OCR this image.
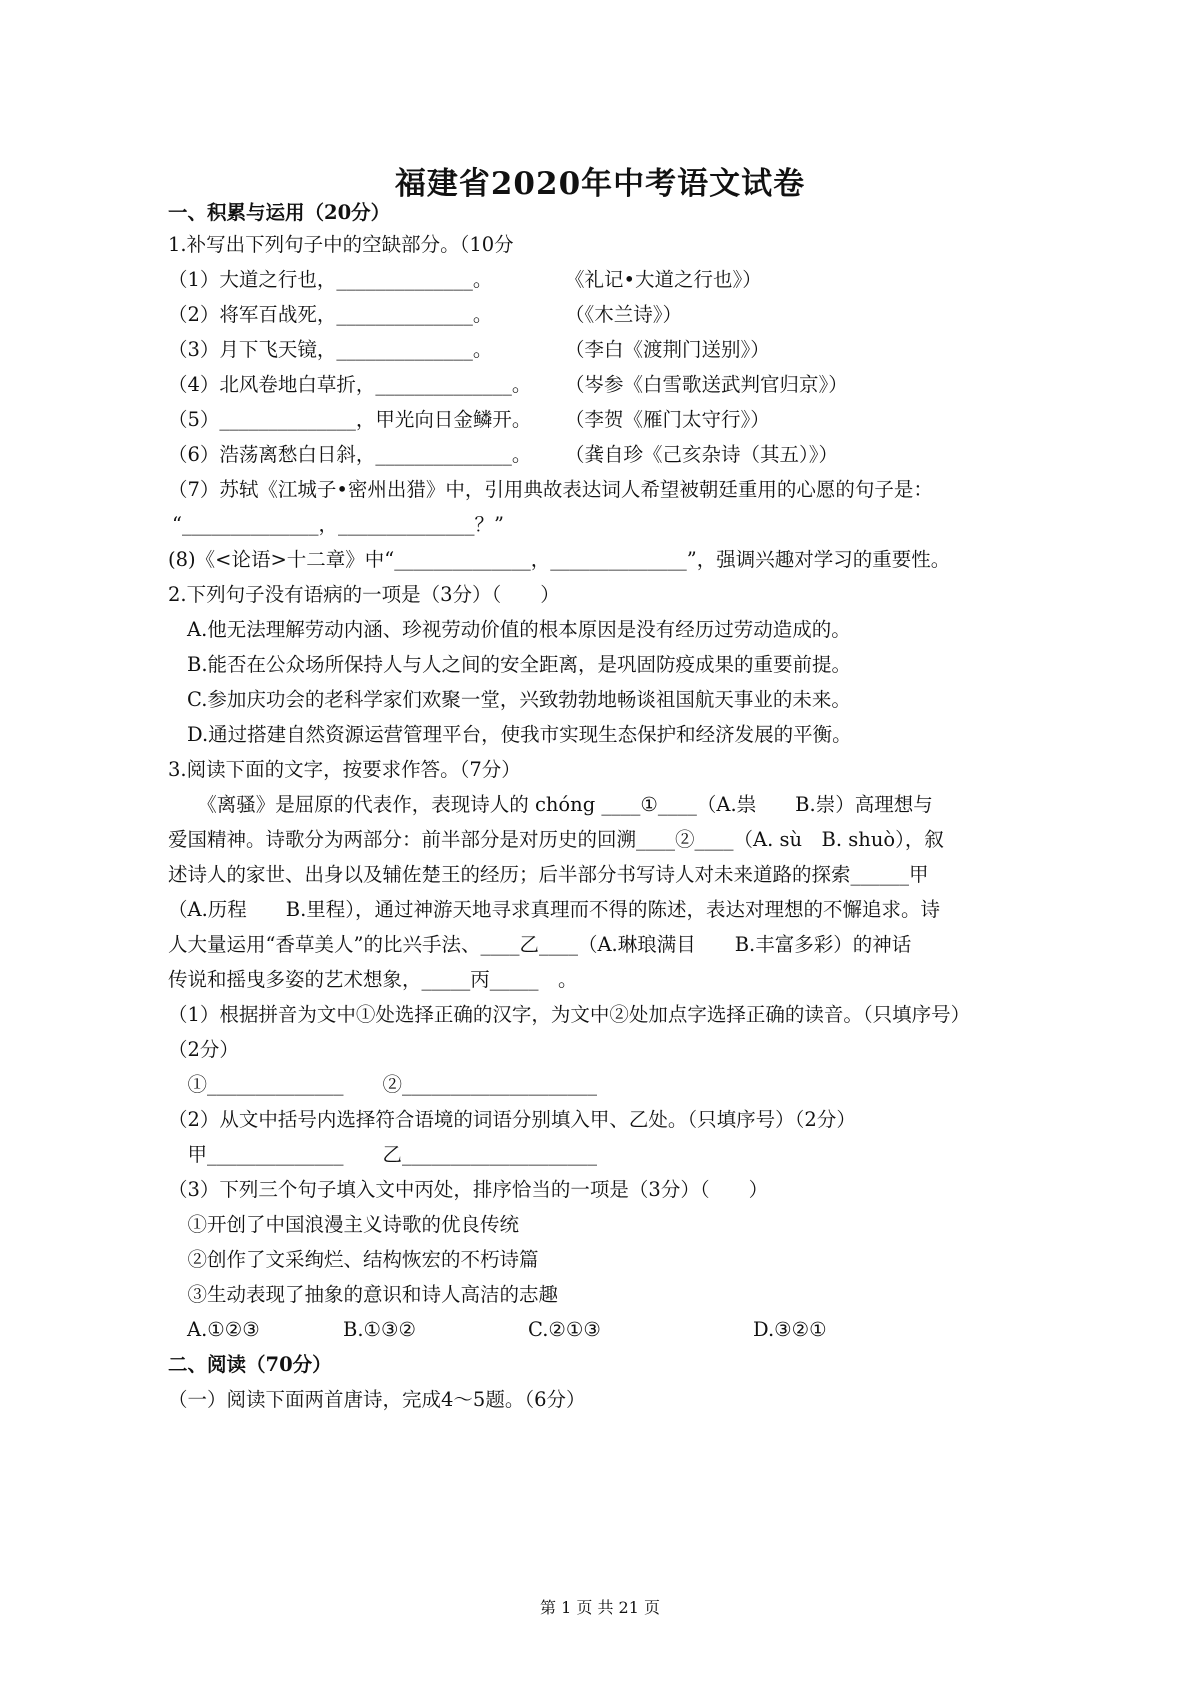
福建省2020年中考语文试卷
一、积累与运用（20分）
1.补写出下列句子中的空缺部分。（10分
（1）大道之行也，______________。	《礼记•大道之行也》）
（2）将军百战死，______________。	（《木兰诗》）
（3）月下飞天镜，______________。	（李白《渡荆门送别》）
（4）北风卷地白草折，______________。 （岑参《白雪歌送武判官归京》）
（5）______________，甲光向日金鳞开。 （李贺《雁门太守行》）
（6）浩荡离愁白日斜，______________。 （龚自珍《己亥杂诗（其五）》）
（7）苏轼《江城子•密州出猎》中，引用典故表达词人希望被朝廷重用的心愿的句子是：
“______________，______________？”
(8)《<论语>十二章》中“______________，______________”，强调兴趣对学习的重要性。
2.下列句子没有语病的一项是（3分）（　　）
A.他无法理解劳动内涵、珍视劳动价值的根本原因是没有经历过劳动造成的。
B.能否在公众场所保持人与人之间的安全距离，是巩固防疫成果的重要前提。
C.参加庆功会的老科学家们欢聚一堂，兴致勃勃地畅谈祖国航天事业的未来。
D.通过搭建自然资源运营管理平台，使我市实现生态保护和经济发展的平衡。
3.阅读下面的文字，按要求作答。（7分）
　　《离骚》是屈原的代表作，表现诗人的 chóng ____①____（A.祟　　B.崇）高理想与
爱国精神。诗歌分为两部分：前半部分是对历史的回溯____②____（A. sù　B. shuò），叙
述诗人的家世、出身以及辅佐楚王的经历；后半部分书写诗人对未来道路的探索______甲
（A.历程　　B.里程），通过神游天地寻求真理而不得的陈述，表达对理想的不懈追求。诗
人大量运用“香草美人”的比兴手法、____乙____（A.琳琅满目　　B.丰富多彩）的神话
传说和摇曳多姿的艺术想象，_____丙_____　。
（1）根据拼音为文中①处选择正确的汉字，为文中②处加点字选择正确的读音。（只填序号）
（2分）
　①______________　　②____________________
（2）从文中括号内选择符合语境的词语分别填入甲、乙处。（只填序号）（2分）
　甲______________　　乙____________________
（3）下列三个句子填入文中丙处，排序恰当的一项是（3分）（　　）
　①开创了中国浪漫主义诗歌的优良传统
　②创作了文采绚烂、结构恢宏的不朽诗篇
　③生动表现了抽象的意识和诗人高洁的志趣
A.①②③	B.①③②	C.②①③	D.③②①
二、阅读（70分）
（一）阅读下面两首唐诗，完成4～5题。（6分）
第 1 页 共 21 页
